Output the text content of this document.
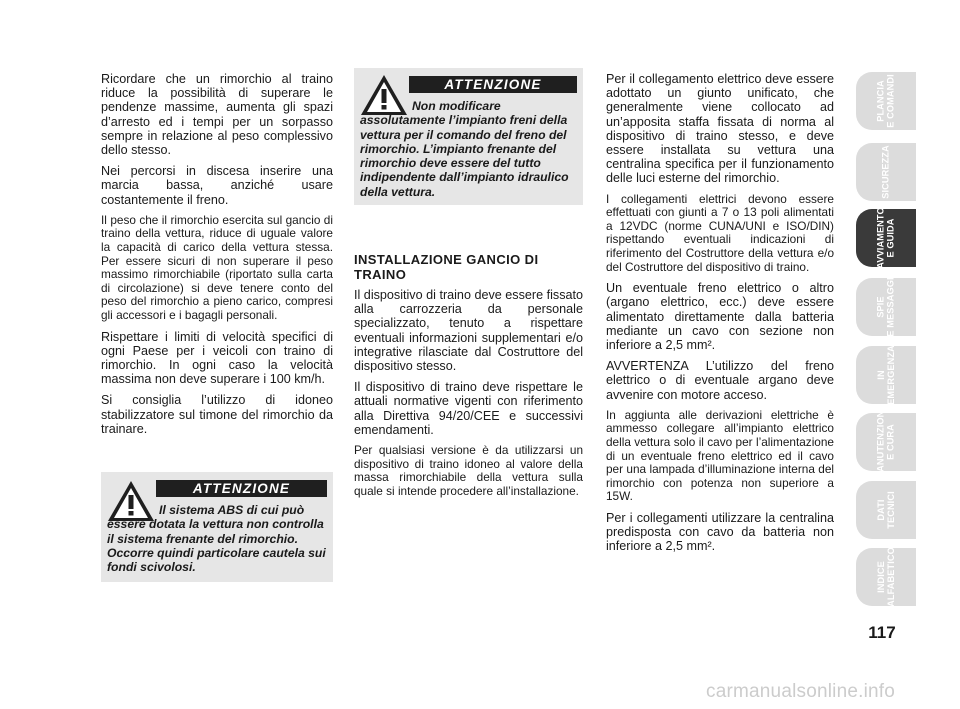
Ricordare che un rimorchio al traino riduce la possibilità di superare le pendenze massime, aumenta gli spazi d’arresto ed i tempi per un sorpasso sempre in relazione al peso complessivo dello stesso.

Nei percorsi in discesa inserire una marcia bassa, anziché usare costantemente il freno.

Il peso che il rimorchio esercita sul gancio di traino della vettura, riduce di uguale valore la capacità di carico della vettura stessa. Per essere sicuri di non superare il peso massimo rimorchiabile (riportato sulla carta di circolazione) si deve tenere conto del peso del rimorchio a pieno carico, compresi gli accessori e i bagagli personali.

Rispettare i limiti di velocità specifici di ogni Paese per i veicoli con traino di rimorchio. In ogni caso la velocità massima non deve superare i 100 km/h.

Si consiglia l’utilizzo di idoneo stabilizzatore sul timone del rimorchio da trainare.

ATTENZIONE
Non modificare assolutamente l’impianto freni della vettura per il comando del freno del rimorchio. L’impianto frenante del rimorchio deve essere del tutto indipendente dall’impianto idraulico della vettura.
INSTALLAZIONE GANCIO DI TRAINO

Il dispositivo di traino deve essere fissato alla carrozzeria da personale specializzato, tenuto a rispettare eventuali informazioni supplementari e/o integrative rilasciate dal Costruttore del dispositivo stesso.

Il dispositivo di traino deve rispettare le attuali normative vigenti con riferimento alla Direttiva 94/20/CEE e successivi emendamenti.

Per qualsiasi versione è da utilizzarsi un dispositivo di traino idoneo al valore della massa rimorchiabile della vettura sulla quale si intende procedere all’installazione.

ATTENZIONE
Il sistema ABS di cui può essere dotata la vettura non controlla il sistema frenante del rimorchio. Occorre quindi particolare cautela sui fondi scivolosi.

Per il collegamento elettrico deve essere adottato un giunto unificato, che generalmente viene collocato ad un’apposita staffa fissata di norma al dispositivo di traino stesso, e deve essere installata su vettura una centralina specifica per il funzionamento delle luci esterne del rimorchio.

I collegamenti elettrici devono essere effettuati con giunti a 7 o 13 poli alimentati a 12VDC (norme CUNA/UNI e ISO/DIN) rispettando eventuali indicazioni di riferimento del Costruttore della vettura e/o del Costruttore del dispositivo di traino.

Un eventuale freno elettrico o altro (argano elettrico, ecc.) deve essere alimentato direttamente dalla batteria mediante un cavo con sezione non inferiore a 2,5 mm².

AVVERTENZA L’utilizzo del freno elettrico o di eventuale argano deve avvenire con motore acceso.

In aggiunta alle derivazioni elettriche è ammesso collegare all’impianto elettrico della vettura solo il cavo per l’alimentazione di un eventuale freno elettrico ed il cavo per una lampada d’illuminazione interna del rimorchio con potenza non superiore a 15W.

Per i collegamenti utilizzare la centralina predisposta con cavo da batteria non inferiore a 2,5 mm².

PLANCIA
E COMANDI
SICUREZZA
AVVIAMENTO
E GUIDA
SPIE
E MESSAGGI
IN
EMERGENZA
MANUTENZIONE
E CURA
DATI TECNICI
INDICE
ALFABETICO
117
carmanualsonline.info
